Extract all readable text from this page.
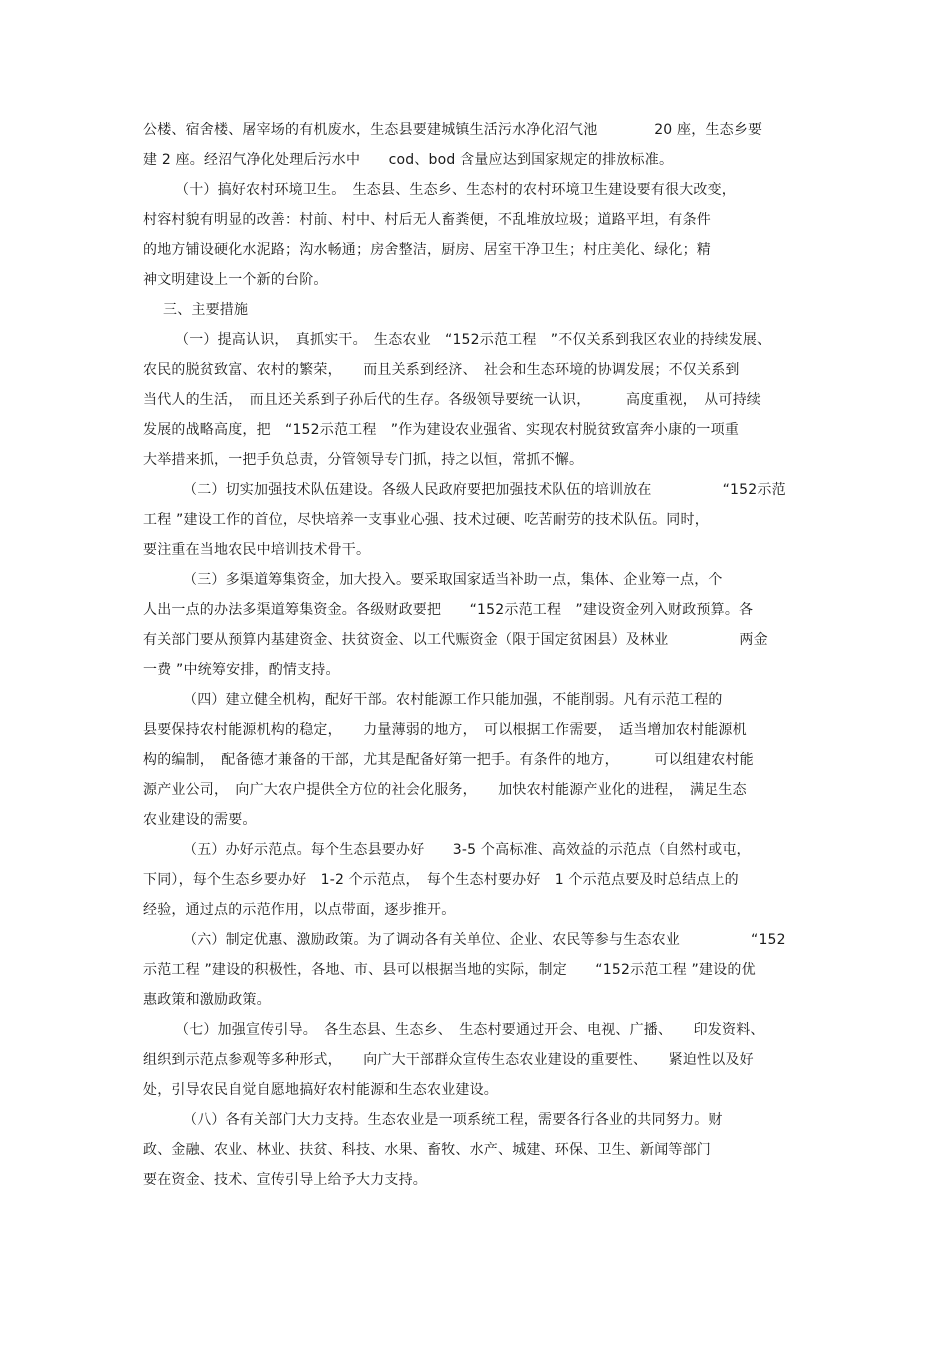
公楼、宿舍楼、屠宰场的有机废水，生态县要建城镇生活污水净化沼气池　　　　20 座，生态乡要
建 2 座。经沼气净化处理后污水中　　cod、bod 含量应达到国家规定的排放标准。
（十）搞好农村环境卫生。　生态县、生态乡、生态村的农村环境卫生建设要有很大改变，
村容村貌有明显的改善：村前、村中、村后无人畜粪便，不乱堆放垃圾；道路平坦，有条件
的地方铺设硬化水泥路；沟水畅通；房舍整洁，厨房、居室干净卫生；村庄美化、绿化；精
神文明建设上一个新的台阶。
三、主要措施
（一）提高认识，　真抓实干。　生态农业　“152示范工程　”不仅关系到我区农业的持续发展、
农民的脱贫致富、农村的繁荣，　　而且关系到经济、　社会和生态环境的协调发展；不仅关系到
当代人的生活，　而且还关系到子孙后代的生存。各级领导要统一认识，　　　高度重视，　从可持续
发展的战略高度，把　“152示范工程　”作为建设农业强省、实现农村脱贫致富奔小康的一项重
大举措来抓，一把手负总责，分管领导专门抓，持之以恒，常抓不懈。
（二）切实加强技术队伍建设。各级人民政府要把加强技术队伍的培训放在　　　　　“152示范
工程 ”建设工作的首位，尽快培养一支事业心强、技术过硬、吃苦耐劳的技术队伍。同时，
要注重在当地农民中培训技术骨干。
（三）多渠道筹集资金，加大投入。要采取国家适当补助一点，集体、企业筹一点，个
人出一点的办法多渠道筹集资金。各级财政要把　　“152示范工程　”建设资金列入财政预算。各
有关部门要从预算内基建资金、扶贫资金、以工代赈资金（限于国定贫困县）及林业　　　　　两金
一费 ”中统筹安排，酌情支持。
（四）建立健全机构，配好干部。农村能源工作只能加强，不能削弱。凡有示范工程的
县要保持农村能源机构的稳定，　　力量薄弱的地方，　可以根据工作需要，　适当增加农村能源机
构的编制，　配备德才兼备的干部，尤其是配备好第一把手。有条件的地方，　　　可以组建农村能
源产业公司，　向广大农户提供全方位的社会化服务，　　加快农村能源产业化的进程，　满足生态
农业建设的需要。
（五）办好示范点。每个生态县要办好　　3-5 个高标准、高效益的示范点（自然村或屯，
下同），每个生态乡要办好　1-2 个示范点，　每个生态村要办好　1 个示范点要及时总结点上的
经验，通过点的示范作用，以点带面，逐步推开。
（六）制定优惠、激励政策。为了调动各有关单位、企业、农民等参与生态农业　　　　　“152
示范工程 ”建设的积极性，各地、市、县可以根据当地的实际，制定　　“152示范工程 ”建设的优
惠政策和激励政策。
（七）加强宣传引导。　各生态县、生态乡、　生态村要通过开会、电视、广播、　　印发资料、
组织到示范点参观等多种形式，　　向广大干部群众宣传生态农业建设的重要性、　　紧迫性以及好
处，引导农民自觉自愿地搞好农村能源和生态农业建设。
（八）各有关部门大力支持。生态农业是一项系统工程，需要各行各业的共同努力。财
政、金融、农业、林业、扶贫、科技、水果、畜牧、水产、城建、环保、卫生、新闻等部门
要在资金、技术、宣传引导上给予大力支持。
